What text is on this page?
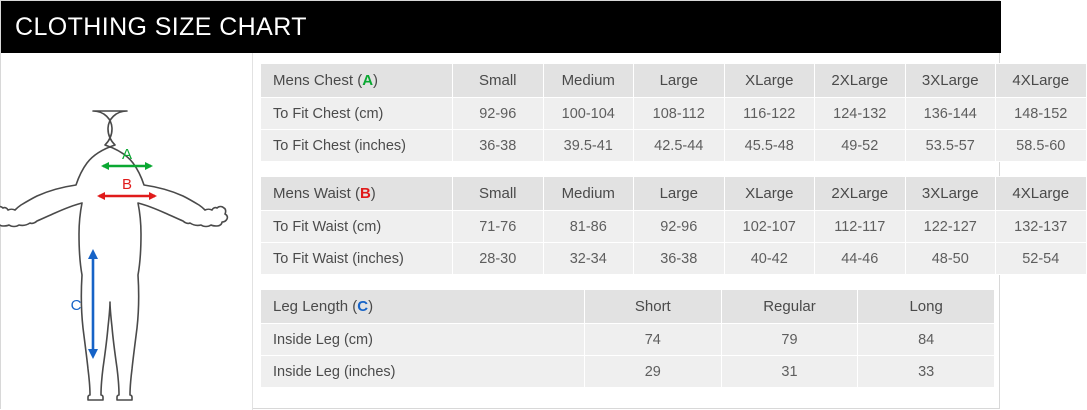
CLOTHING SIZE CHART
A
B
C
Mens Chest (A)	Small	Medium	Large	XLarge	2XLarge	3XLarge	4XLarge
To Fit Chest (cm)	92-96	100-104	108-112	116-122	124-132	136-144	148-152
To Fit Chest (inches)	36-38	39.5-41	42.5-44	45.5-48	49-52	53.5-57	58.5-60
Mens Waist (B)	Small	Medium	Large	XLarge	2XLarge	3XLarge	4XLarge
To Fit Waist (cm)	71-76	81-86	92-96	102-107	112-117	122-127	132-137
To Fit Waist (inches)	28-30	32-34	36-38	40-42	44-46	48-50	52-54
Leg Length (C)	Short	Regular	Long
Inside Leg (cm)	74	79	84
Inside Leg (inches)	29	31	33
